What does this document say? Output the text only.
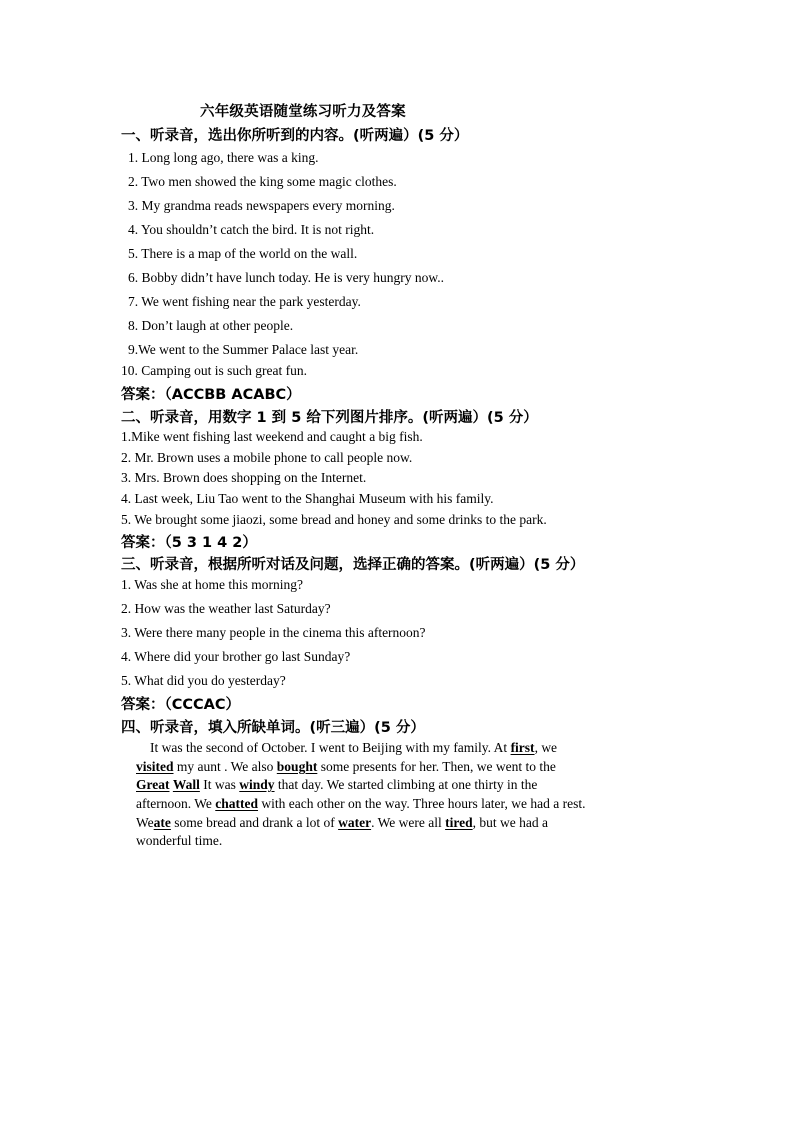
六年级英语随堂练习听力及答案
一、听录音，选出你所听到的内容。(听两遍）(5 分）
1. Long long ago, there was a king.
2. Two men showed the king some magic clothes.
3. My grandma reads newspapers every morning.
4. You shouldn’t catch the bird. It is not right.
5. There is a map of the world on the wall.
6. Bobby didn’t have lunch today. He is very hungry now..
7. We went fishing near the park yesterday.
8. Don’t laugh at other people.
9.We went to the Summer Palace last year.
10. Camping out is such great fun.
答案：（ACCBB ACABC）
二、听录音，用数字 1 到 5 给下列图片排序。(听两遍）(5 分）
1.Mike went fishing last weekend and caught a big fish.
2. Mr. Brown uses a mobile phone to call people now.
3. Mrs. Brown does shopping on the Internet.
4. Last week, Liu Tao went to the Shanghai Museum with his family.
5. We brought some jiaozi, some bread and honey and some drinks to the park.
答案：（5 3 1 4 2）
三、听录音，根据所听对话及问题，选择正确的答案。(听两遍）(5 分）
1. Was she at home this morning?
2. How was the weather last Saturday?
3. Were there many people in the cinema this afternoon?
4. Where did your brother go last Sunday?
5. What did you do yesterday?
答案：（CCCAC）
四、听录音，填入所缺单词。(听三遍）(5 分）
It was the second of October. I went to Beijing with my family. At first, we
visited my aunt . We also bought some presents for her. Then, we went to the
Great Wall It was windy that day. We started climbing at one thirty in the
afternoon. We chatted with each other on the way. Three hours later, we had a rest.
Weate some bread and drank a lot of water. We were all tired, but we had a
wonderful time.
